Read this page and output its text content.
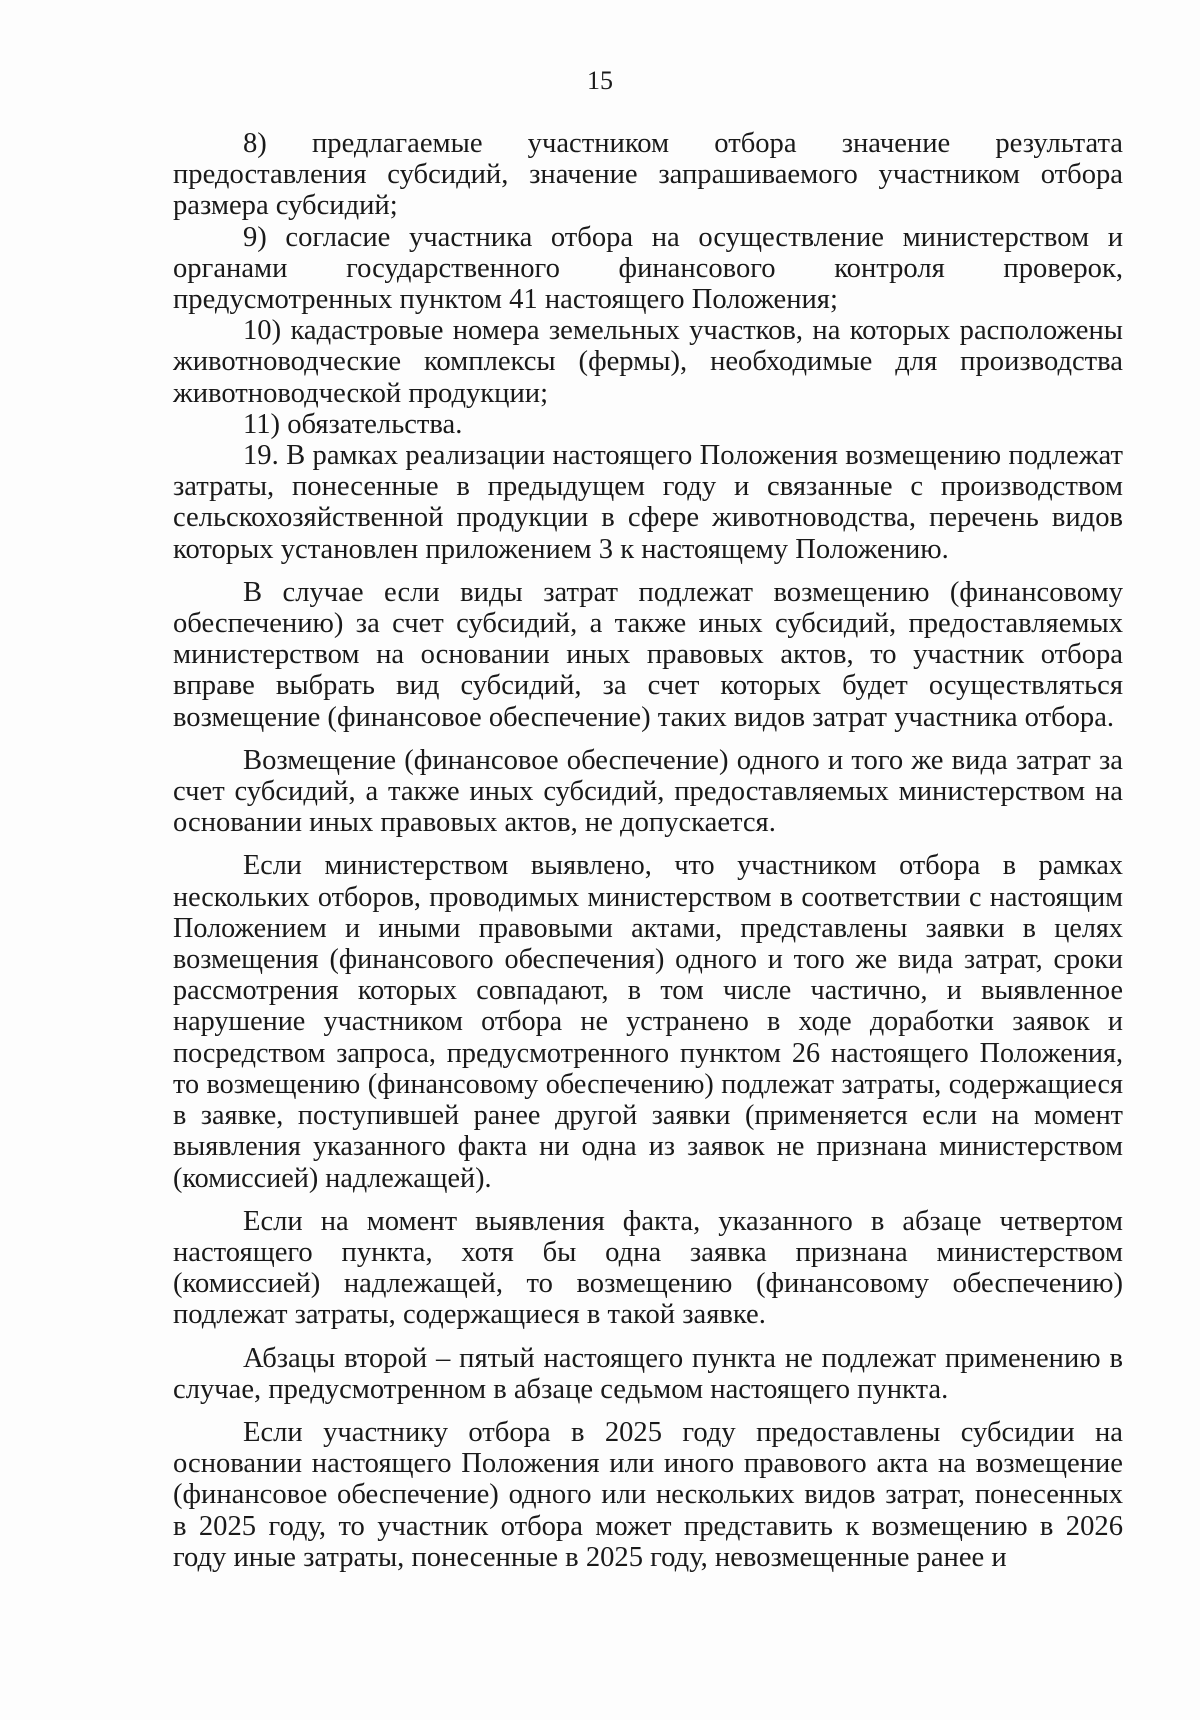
15

8) предлагаемые участником отбора значение результата предоставления субсидий, значение запрашиваемого участником отбора размера субсидий;

9) согласие участника отбора на осуществление министерством и органами государственного финансового контроля проверок, предусмотренных пунктом 41 настоящего Положения;

10) кадастровые номера земельных участков, на которых расположены животноводческие комплексы (фермы), необходимые для производства животноводческой продукции;

11) обязательства.

19. В рамках реализации настоящего Положения возмещению подлежат затраты, понесенные в предыдущем году и связанные с производством сельскохозяйственной продукции в сфере животноводства, перечень видов которых установлен приложением 3 к настоящему Положению.

В случае если виды затрат подлежат возмещению (финансовому обеспечению) за счет субсидий, а также иных субсидий, предоставляемых министерством на основании иных правовых актов, то участник отбора вправе выбрать вид субсидий, за счет которых будет осуществляться возмещение (финансовое обеспечение) таких видов затрат участника отбора.

Возмещение (финансовое обеспечение) одного и того же вида затрат за счет субсидий, а также иных субсидий, предоставляемых министерством на основании иных правовых актов, не допускается.

Если министерством выявлено, что участником отбора в рамках нескольких отборов, проводимых министерством в соответствии с настоящим Положением и иными правовыми актами, представлены заявки в целях возмещения (финансового обеспечения) одного и того же вида затрат, сроки рассмотрения которых совпадают, в том числе частично, и выявленное нарушение участником отбора не устранено в ходе доработки заявок и посредством запроса, предусмотренного пунктом 26 настоящего Положения, то возмещению (финансовому обеспечению) подлежат затраты, содержащиеся в заявке, поступившей ранее другой заявки (применяется если на момент выявления указанного факта ни одна из заявок не признана министерством (комиссией) надлежащей).

Если на момент выявления факта, указанного в абзаце четвертом настоящего пункта, хотя бы одна заявка признана министерством (комиссией) надлежащей, то возмещению (финансовому обеспечению) подлежат затраты, содержащиеся в такой заявке.

Абзацы второй – пятый настоящего пункта не подлежат применению в случае, предусмотренном в абзаце седьмом настоящего пункта.

Если участнику отбора в 2025 году предоставлены субсидии на основании настоящего Положения или иного правового акта на возмещение (финансовое обеспечение) одного или нескольких видов затрат, понесенных в 2025 году, то участник отбора может представить к возмещению в 2026 году иные затраты, понесенные в 2025 году, невозмещенные ранее и
